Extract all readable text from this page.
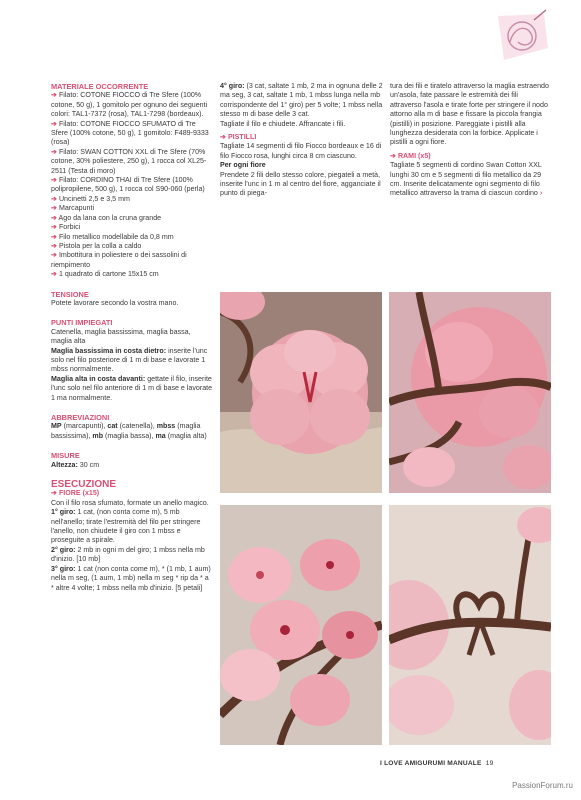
MATERIALE OCCORRENTE
➔ Filato: COTONE FIOCCO di Tre Sfere (100% cotone, 50 g), 1 gomitolo per ognuno dei seguenti colori: TAL1-7372 (rosa), TAL1-7298 (bordeaux).
➔ Filato: COTONE FIOCCO SFUMATO di Tre Sfere (100% cotone, 50 g), 1 gomitolo: F489-9333 (rosa)
➔ Filato: SWAN COTTON XXL di Tre Sfere (70% cotone, 30% poliestere, 250 g), 1 rocca col XL25-2511 (Testa di moro)
➔ Filato: CORDINO THAI di Tre Sfere (100% polipropilene, 500 g), 1 rocca col S90-060 (perla)
➔ Uncinetti 2,5 e 3,5 mm
➔ Marcapunti
➔ Ago da lana con la cruna grande
➔ Forbici
➔ Filo metallico modellabile da 0,8 mm
➔ Pistola per la colla a caldo
➔ Imbottitura in poliestere o dei sassolini di riempimento
➔ 1 quadrato di cartone 15x15 cm
TENSIONE
Potete lavorare secondo la vostra mano.
PUNTI IMPIEGATI
Catenella, maglia bassissima, maglia bassa, maglia alta
Maglia bassissima in costa dietro: inserite l'unc solo nel filo posteriore di 1 m di base e lavorate 1 mbss normalmente.
Maglia alta in costa davanti: gettate il filo, inserite l'unc solo nel filo anteriore di 1 m di base e lavorate 1 ma normalmente.
ABBREVIAZIONI
MP (marcapunti), cat (catenella), mbss (maglia bassissima), mb (maglia bassa), ma (maglia alta)
MISURE
Altezza: 30 cm
ESECUZIONE
➔ FIORE (x15)
Con il filo rosa sfumato, formate un anello magico.
1° giro: 1 cat, (non conta come m), 5 mb nell'anello; tirate l'estremità del filo per stringere l'anello, non chiudete il giro con 1 mbss e proseguite a spirale.
2° giro: 2 mb in ogni m del giro; 1 mbss nella mb d'inizio. [10 mb]
3° giro: 1 cat (non conta come m), * (1 mb, 1 aum) nella m seg, (1 aum, 1 mb) nella m seg * rip da * a * altre 4 volte; 1 mbss nella mb d'inizio. [5 petali]
4° giro: (3 cat, saltate 1 mb, 2 ma in ognuna delle 2 ma seg, 3 cat, saltate 1 mb, 1 mbss lunga nella mb corrispondente del 1° giro) per 5 volte; 1 mbss nella stesso m di base delle 3 cat.
Tagliate il filo e chiudete. Affrancate i fili.
➔ PISTILLI
Tagliate 14 segmenti di filo Fiocco bordeaux e 16 di filo Fiocco rosa, lunghi circa 8 cm ciascuno.
Per ogni fiore
Prendete 2 fili dello stesso colore, piegateli a metà, inserite l'unc in 1 m al centro del fiore, agganciate il punto di piega-
tura dei fili e tiratelo attraverso la maglia estraendo un'asola, fate passare le estremità dei fili attraverso l'asola e tirate forte per stringere il nodo attorno alla m di base e fissare la piccola frangia (pistilli) in posizione. Pareggiate i pistilli alla lunghezza desiderata con la forbice. Applicate i pistilli a ogni fiore.
➔ RAMI (x5)
Tagliate 5 segmenti di cordino Swan Cotton XXL lunghi 30 cm e 5 segmenti di filo metallico da 29 cm. Inserite delicatamente ogni segmento di filo metallico attraverso la trama di ciascun cordino ›
I LOVE AMIGURUMI MANUALE 19
PassionForum.ru
